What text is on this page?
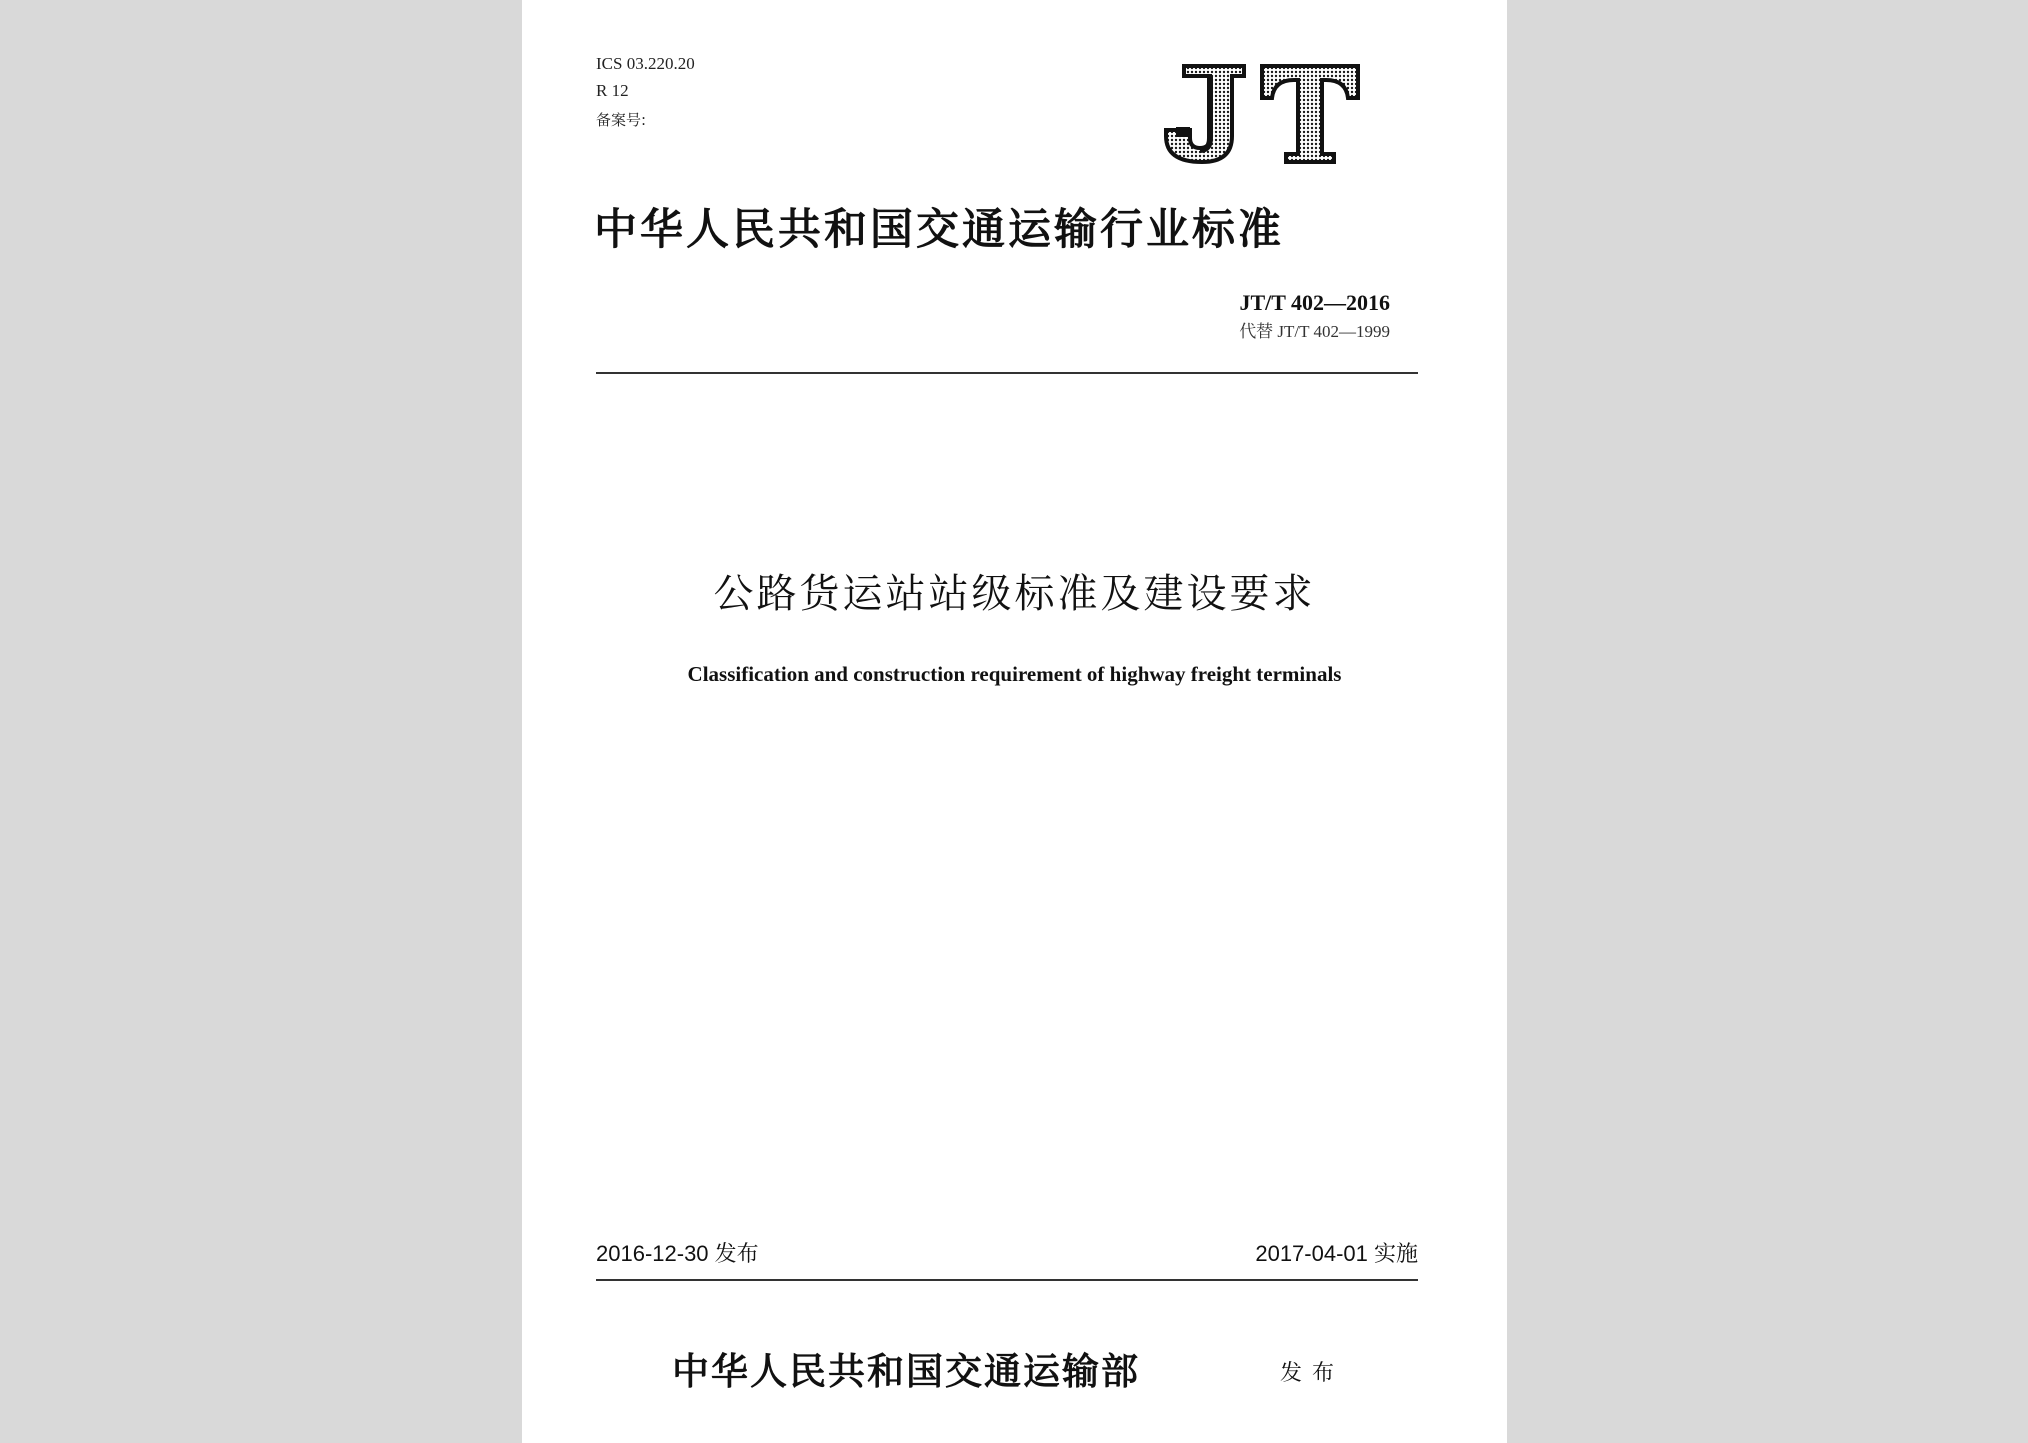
ICS 03.220.20
R 12
备案号:
中华人民共和国交通运输行业标准
JT/T 402—2016
代替 JT/T 402—1999
公路货运站站级标准及建设要求
Classification and construction requirement of highway freight terminals
2016-12-30 发布	2017-04-01 实施
中华人民共和国交通运输部	发布
